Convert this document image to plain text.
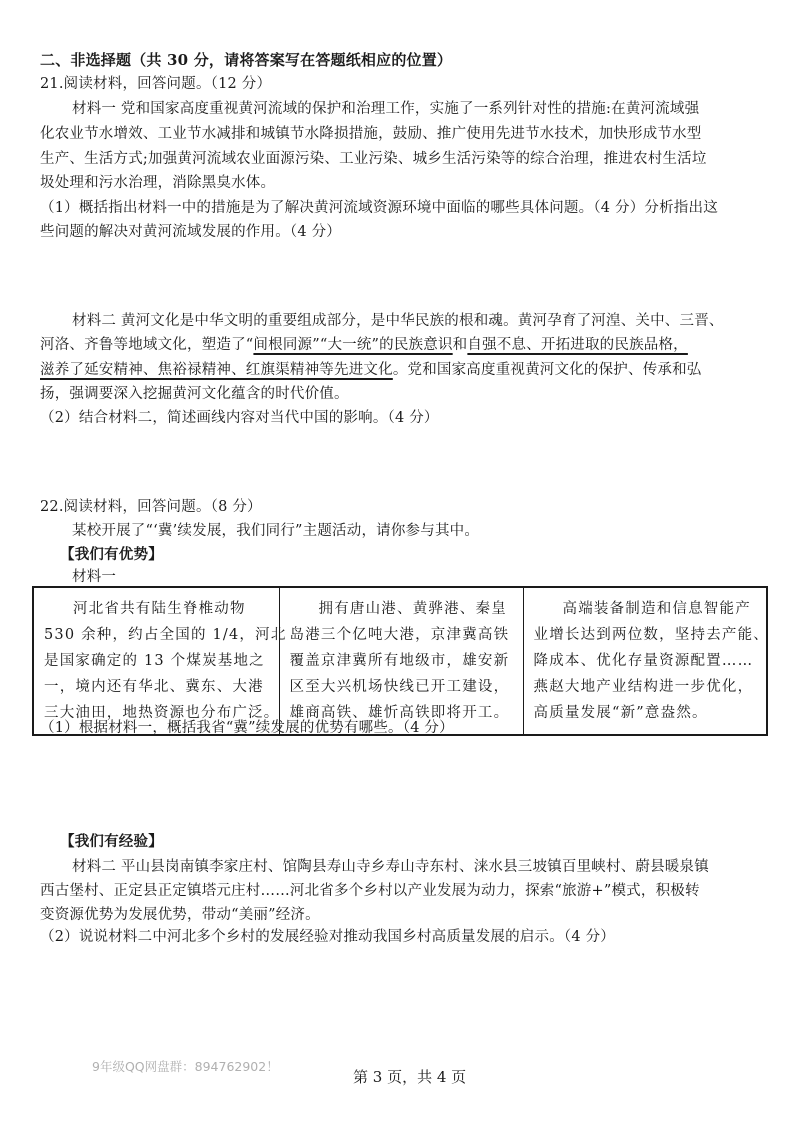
二、非选择题（共 30 分，请将答案写在答题纸相应的位置）
21.阅读材料，回答问题。（12 分）
材料一 党和国家高度重视黄河流域的保护和治理工作，实施了一系列针对性的措施:在黄河流域强
化农业节水增效、工业节水减排和城镇节水降损措施，鼓励、推广使用先进节水技术，加快形成节水型
生产、生活方式;加强黄河流域农业面源污染、工业污染、城乡生活污染等的综合治理，推进农村生活垃
圾处理和污水治理，消除黑臭水体。
（1）概括指出材料一中的措施是为了解决黄河流域资源环境中面临的哪些具体问题。（4 分）分析指出这
些问题的解决对黄河流域发展的作用。（4 分）
材料二 黄河文化是中华文明的重要组成部分，是中华民族的根和魂。黄河孕育了河湟、关中、三晋、
河洛、齐鲁等地域文化，塑造了“间根同源”“大一统”的民族意识和自强不息、开拓进取的民族品格，
滋养了延安精神、焦裕禄精神、红旗渠精神等先进文化。党和国家高度重视黄河文化的保护、传承和弘
扬，强调要深入挖掘黄河文化蕴含的时代价值。
（2）结合材料二，简述画线内容对当代中国的影响。（4 分）
22.阅读材料，回答问题。（8 分）
某校开展了“‘冀’续发展，我们同行”主题活动，请你参与其中。
【我们有优势】
材料一
河北省共有陆生脊椎动物
530 余种，约占全国的 1/4，河北
是国家确定的 13 个煤炭基地之
一，境内还有华北、冀东、大港
三大油田，地热资源也分布广泛。

拥有唐山港、黄骅港、秦皇
岛港三个亿吨大港，京津冀高铁
覆盖京津冀所有地级市，雄安新
区至大兴机场快线已开工建设，
雄商高铁、雄忻高铁即将开工。

高端装备制造和信息智能产
业增长达到两位数，坚持去产能、
降成本、优化存量资源配置……
燕赵大地产业结构进一步优化，
高质量发展“新”意盎然。
（1）根据材料一，概括我省“冀”续发展的优势有哪些。（4 分）
【我们有经验】
材料二 平山县岗南镇李家庄村、馆陶县寿山寺乡寿山寺东村、涞水县三坡镇百里峡村、蔚县暖泉镇
西古堡村、正定县正定镇塔元庄村……河北省多个乡村以产业发展为动力，探索“旅游+”模式，积极转
变资源优势为发展优势，带动“美丽”经济。
（2）说说材料二中河北多个乡村的发展经验对推动我国乡村高质量发展的启示。（4 分）
9年级QQ网盘群：894762902！
第 3 页，共 4 页
